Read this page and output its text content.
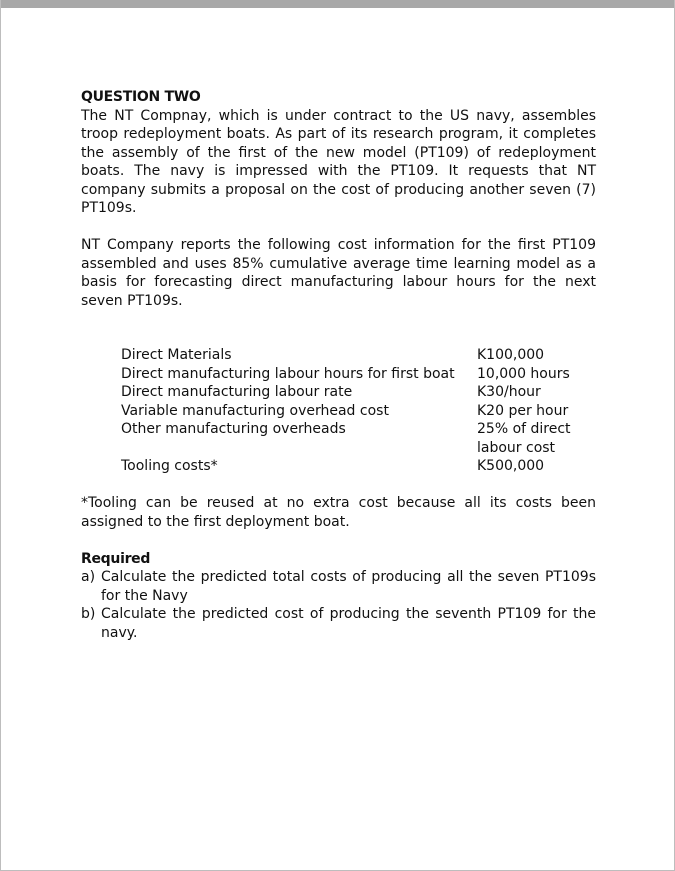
QUESTION TWO

The NT Compnay, which is under contract to the US navy, assembles troop redeployment boats. As part of its research program, it completes the assembly of the first of the new model (PT109) of redeployment boats. The navy is impressed with the PT109. It requests that NT company submits a proposal on the cost of producing another seven (7) PT109s.

NT Company reports the following cost information for the first PT109 assembled and uses 85% cumulative average time learning model as a basis for forecasting direct manufacturing labour hours for the next seven PT109s.

Direct Materials	K100,000
Direct manufacturing labour hours for first boat	10,000 hours
Direct manufacturing labour rate	K30/hour
Variable manufacturing overhead cost	K20 per hour
Other manufacturing overheads	25% of direct labour cost
Tooling costs*	K500,000

*Tooling can be reused at no extra cost because all its costs been assigned to the first deployment boat.

Required
a) Calculate the predicted total costs of producing all the seven PT109s for the Navy
b) Calculate the predicted cost of producing the seventh PT109 for the navy.
